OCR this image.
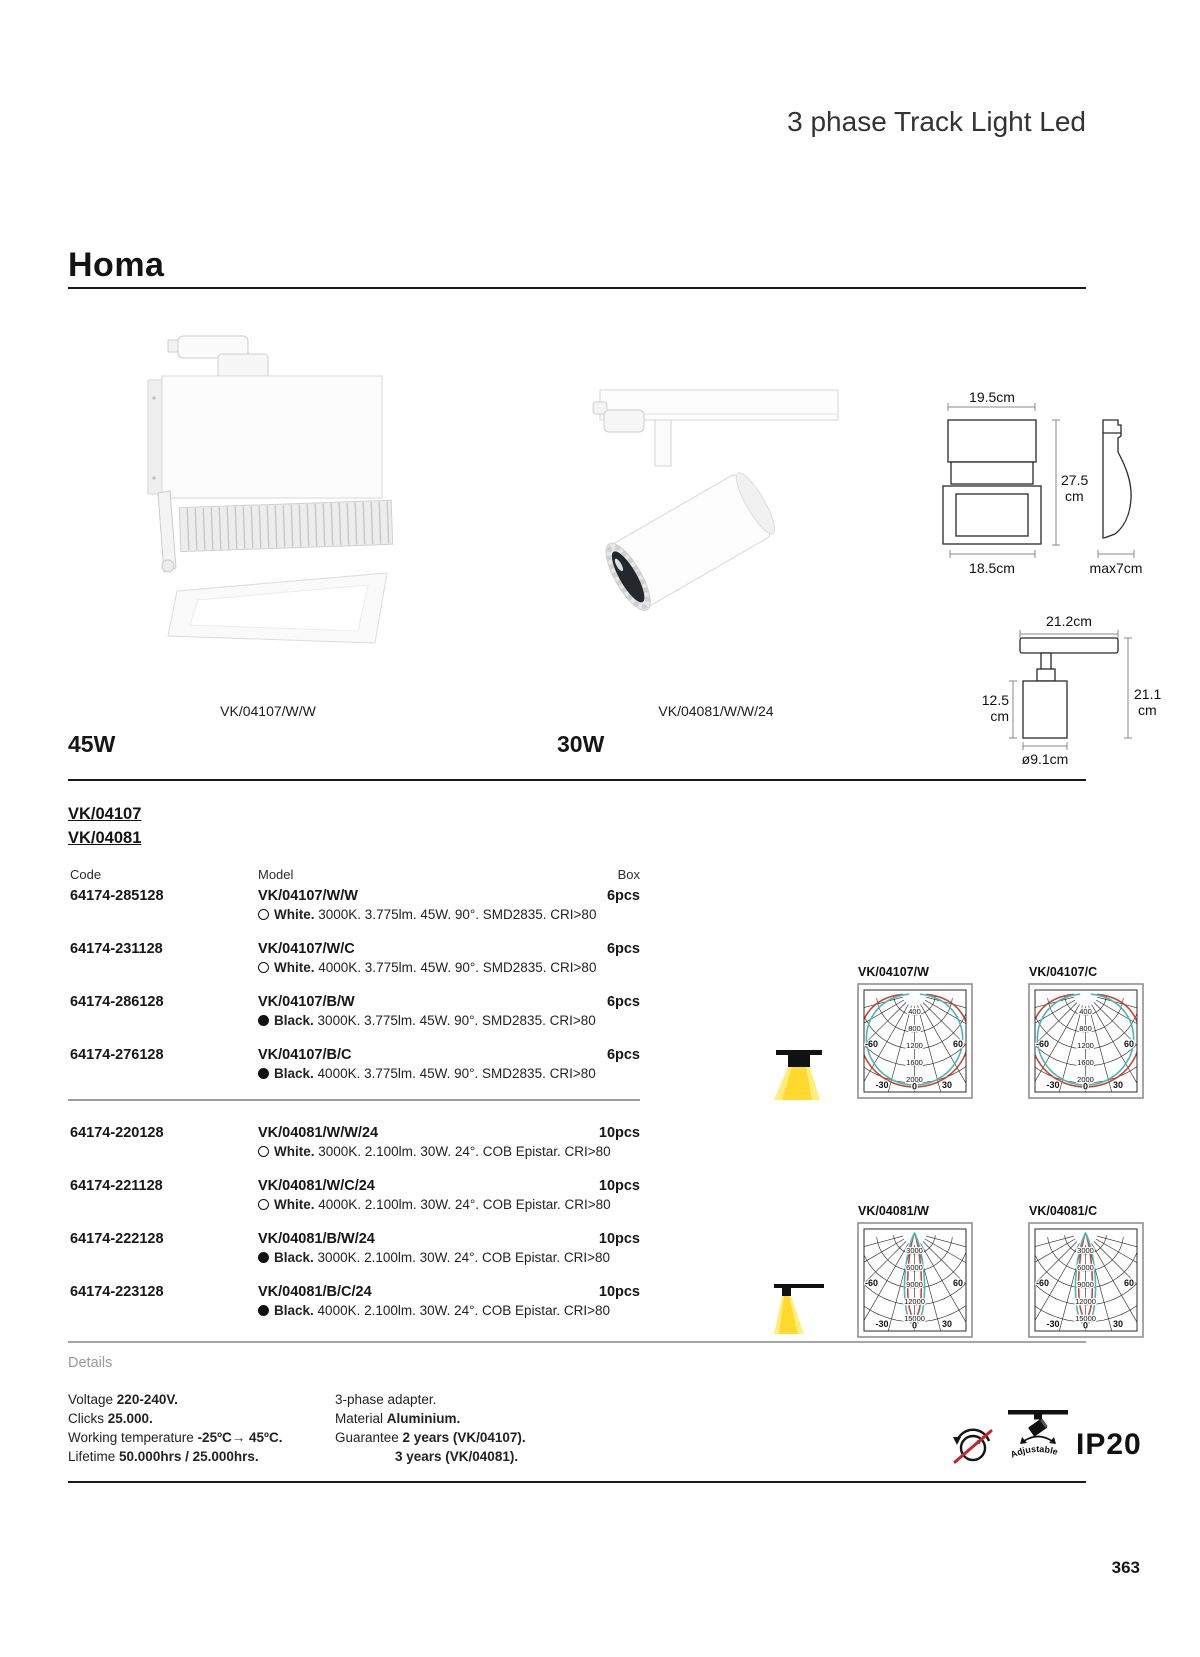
3 phase Track Light Led
Homa
VK/04107/W/W	VK/04081/W/W/24
19.5cm
27.5
cm
18.5cm	max7cm
21.2cm
12.5
cm
21.1
cm
ø9.1cm
45W	30W
VK/04107
VK/04081
Code	Model	Box
64174-285128	VK/04107/W/W	6pcs
White. 3000K. 3.775lm. 45W. 90°. SMD2835. CRI>80
64174-231128	VK/04107/W/C	6pcs
White. 4000K. 3.775lm. 45W. 90°. SMD2835. CRI>80
64174-286128	VK/04107/B/W	6pcs
Black. 3000K. 3.775lm. 45W. 90°. SMD2835. CRI>80
64174-276128	VK/04107/B/C	6pcs
Black. 4000K. 3.775lm. 45W. 90°. SMD2835. CRI>80
64174-220128	VK/04081/W/W/24	10pcs
White. 3000K. 2.100lm. 30W. 24°. COB Epistar. CRI>80
64174-221128	VK/04081/W/C/24	10pcs
White. 4000K. 2.100lm. 30W. 24°. COB Epistar. CRI>80
64174-222128	VK/04081/B/W/24	10pcs
Black. 3000K. 2.100lm. 30W. 24°. COB Epistar. CRI>80
64174-223128	VK/04081/B/C/24	10pcs
Black. 4000K. 2.100lm. 30W. 24°. COB Epistar. CRI>80
VK/04107/W
400
800
1200
1600
2000
-60
-30	0	30
60
VK/04107/C
400
800
1200
1600
2000
-60
-30	0	30
60
VK/04081/W
3000
6000
9000
12000
15000
-60
-30	0	30
60
VK/04081/C
3000
6000
9000
12000
15000
-60
-30	0	30
60
Details
Voltage 220-240V.
Clicks 25.000.
Working temperature -25ºC→ 45ºC.
Lifetime 50.000hrs / 25.000hrs.
3-phase adapter.
Material Aluminium.
Guarantee 2 years (VK/04107).
3 years (VK/04081).	Adjustable IP20
363
